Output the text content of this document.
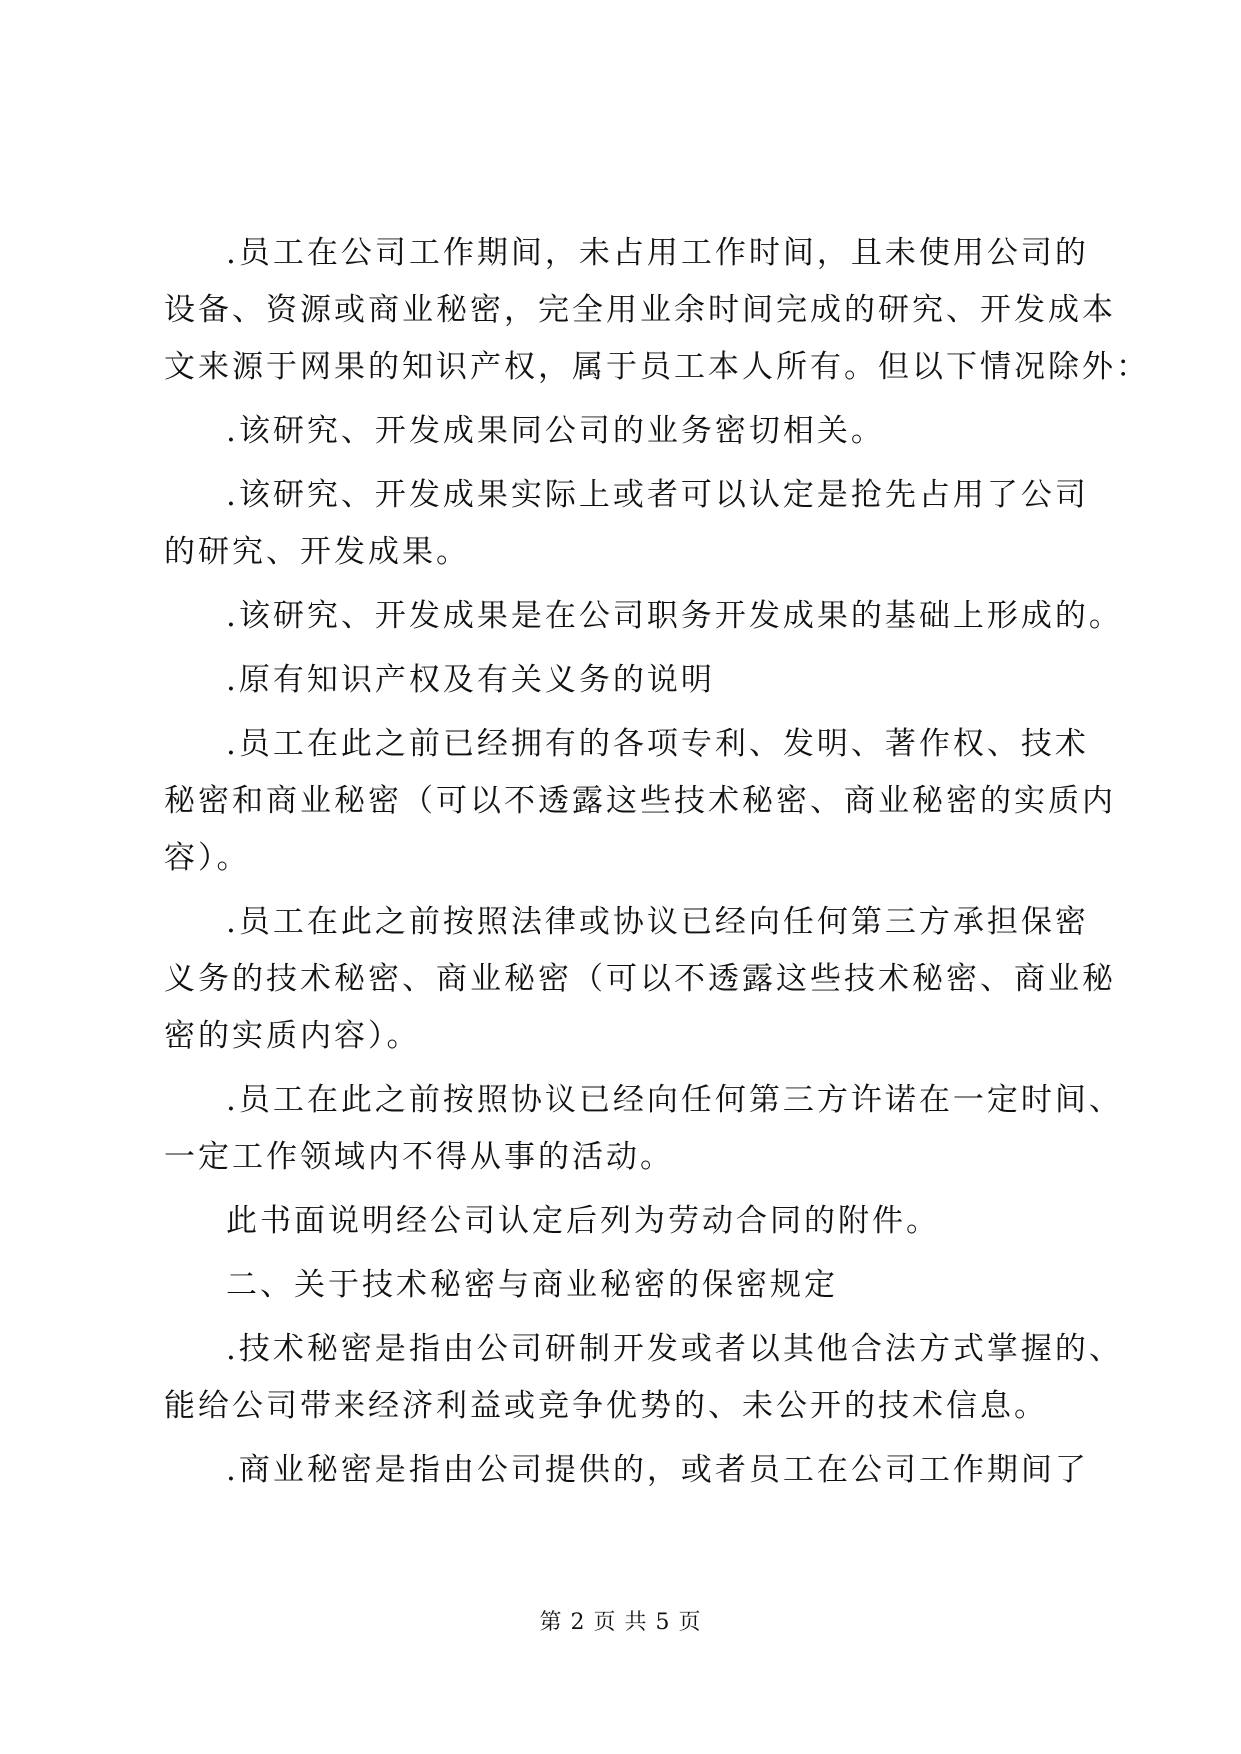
.员工在公司工作期间，未占用工作时间，且未使用公司的
设备、资源或商业秘密，完全用业余时间完成的研究、开发成本
文来源于网果的知识产权，属于员工本人所有。但以下情况除外：

.该研究、开发成果同公司的业务密切相关。

.该研究、开发成果实际上或者可以认定是抢先占用了公司
的研究、开发成果。

.该研究、开发成果是在公司职务开发成果的基础上形成的。

.原有知识产权及有关义务的说明

.员工在此之前已经拥有的各项专利、发明、著作权、技术
秘密和商业秘密（可以不透露这些技术秘密、商业秘密的实质内
容）。

.员工在此之前按照法律或协议已经向任何第三方承担保密
义务的技术秘密、商业秘密（可以不透露这些技术秘密、商业秘
密的实质内容）。

.员工在此之前按照协议已经向任何第三方许诺在一定时间、
一定工作领域内不得从事的活动。

此书面说明经公司认定后列为劳动合同的附件。

二、关于技术秘密与商业秘密的保密规定

.技术秘密是指由公司研制开发或者以其他合法方式掌握的、
能给公司带来经济利益或竞争优势的、未公开的技术信息。

.商业秘密是指由公司提供的，或者员工在公司工作期间了

第 2 页 共 5 页
